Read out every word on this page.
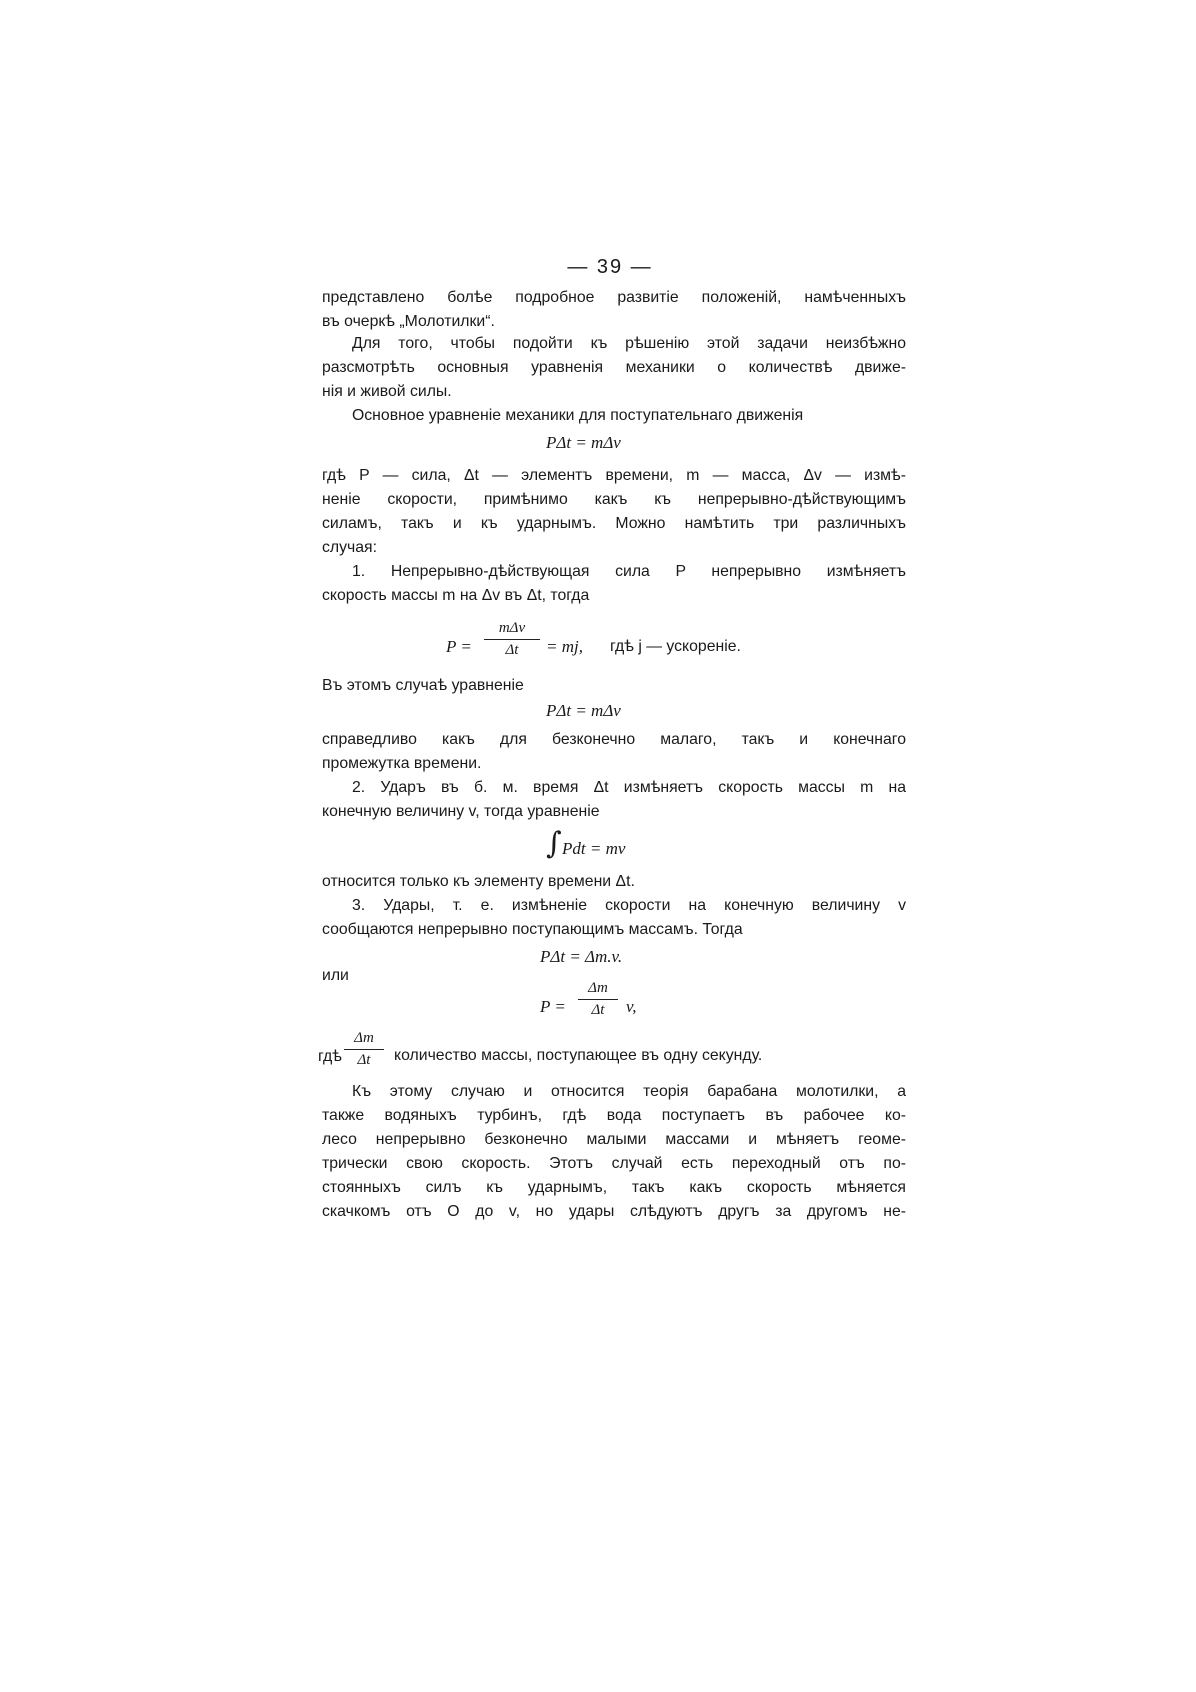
— 39 —
представлено болѣе подробное развитіе положеній, намѣченныхъ
въ очеркѣ „Молотилки“.
Для того, чтобы подойти къ рѣшенію этой задачи неизбѣжно
разсмотрѣть основныя уравненія механики о количествѣ движе-
нія и живой силы.
Основное уравненіе механики для поступательнаго движенія
PΔt = mΔv
гдѣ P — сила, Δt — элементъ времени, m — масса, Δv — измѣ-
неніе скорости, примѣнимо какъ къ непрерывно-дѣйствующимъ
силамъ, такъ и къ ударнымъ. Можно намѣтить три различныхъ
случая:
1. Непрерывно-дѣйствующая сила P непрерывно измѣняетъ
скорость массы m на Δv въ Δt, тогда
P =
mΔv
Δt	= mj, гдѣ j — ускореніе.
Въ этомъ случаѣ уравненіе
PΔt = mΔv
справедливо какъ для безконечно малаго, такъ и конечнаго
промежутка времени.
2. Ударъ въ б. м. время Δt измѣняетъ скорость массы m на
конечную величину v, тогда уравненіе
∫ Pdt = mv
относится только къ элементу времени Δt.
3. Удары, т. е. измѣненіе скорости на конечную величину v
сообщаются непрерывно поступающимъ массамъ. Тогда
PΔt = Δm.v.
или
$P = \frac{\Delta m}{\Delta t} v$,
гдѣ $\frac{\Delta m}{\Delta t}$ количество массы, поступающее въ одну секунду.
Къ этому случаю и относится теорія барабана молотилки, а
также водяныхъ турбинъ, гдѣ вода поступаетъ въ рабочее ко-
лесо непрерывно безконечно малыми массами и мѣняетъ геоме-
трически свою скорость. Этотъ случай есть переходный отъ по-
стоянныхъ силъ къ ударнымъ, такъ какъ скорость мѣняется
скачкомъ отъ O до v, но удары слѣдуютъ другъ за другомъ не-
